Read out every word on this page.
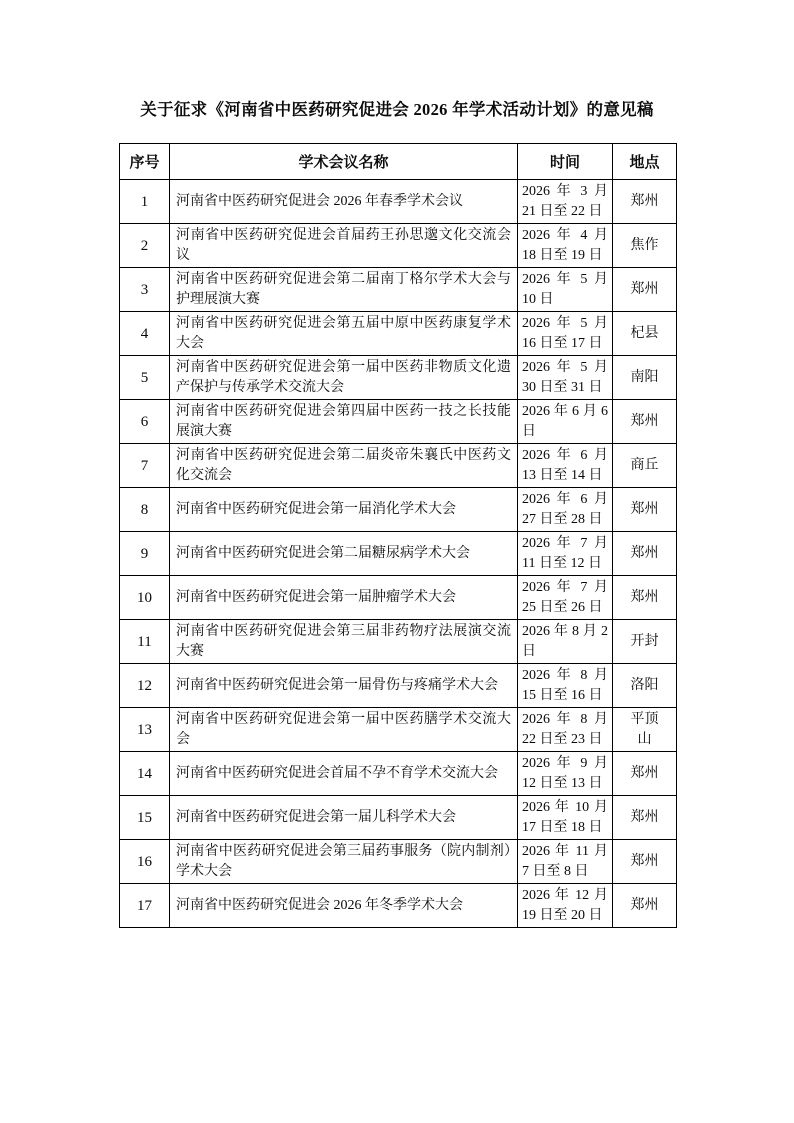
关于征求《河南省中医药研究促进会 2026 年学术活动计划》的意见稿
序号	学术会议名称	时间	地点
1	河南省中医药研究促进会 2026 年春季学术会议	2026 年 3 月 21 日至 22 日	郑州
2	河南省中医药研究促进会首届药王孙思邈文化交流会议	2026 年 4 月 18 日至 19 日	焦作
3	河南省中医药研究促进会第二届南丁格尔学术大会与护理展演大赛	2026 年 5 月 10 日	郑州
4	河南省中医药研究促进会第五届中原中医药康复学术大会	2026 年 5 月 16 日至 17 日	杞县
5	河南省中医药研究促进会第一届中医药非物质文化遗产保护与传承学术交流大会	2026 年 5 月 30 日至 31 日	南阳
6	河南省中医药研究促进会第四届中医药一技之长技能展演大赛	2026 年 6 月 6 日	郑州
7	河南省中医药研究促进会第二届炎帝朱襄氏中医药文化交流会	2026 年 6 月 13 日至 14 日	商丘
8	河南省中医药研究促进会第一届消化学术大会	2026 年 6 月 27 日至 28 日	郑州
9	河南省中医药研究促进会第二届糖尿病学术大会	2026 年 7 月 11 日至 12 日	郑州
10	河南省中医药研究促进会第一届肿瘤学术大会	2026 年 7 月 25 日至 26 日	郑州
11	河南省中医药研究促进会第三届非药物疗法展演交流大赛	2026 年 8 月 2 日	开封
12	河南省中医药研究促进会第一届骨伤与疼痛学术大会	2026 年 8 月 15 日至 16 日	洛阳
13	河南省中医药研究促进会第一届中医药膳学术交流大会	2026 年 8 月 22 日至 23 日	平顶山
14	河南省中医药研究促进会首届不孕不育学术交流大会	2026 年 9 月 12 日至 13 日	郑州
15	河南省中医药研究促进会第一届儿科学术大会	2026 年 10 月 17 日至 18 日	郑州
16	河南省中医药研究促进会第三届药事服务（院内制剂）学术大会	2026 年 11 月 7 日至 8 日	郑州
17	河南省中医药研究促进会 2026 年冬季学术大会	2026 年 12 月 19 日至 20 日	郑州
